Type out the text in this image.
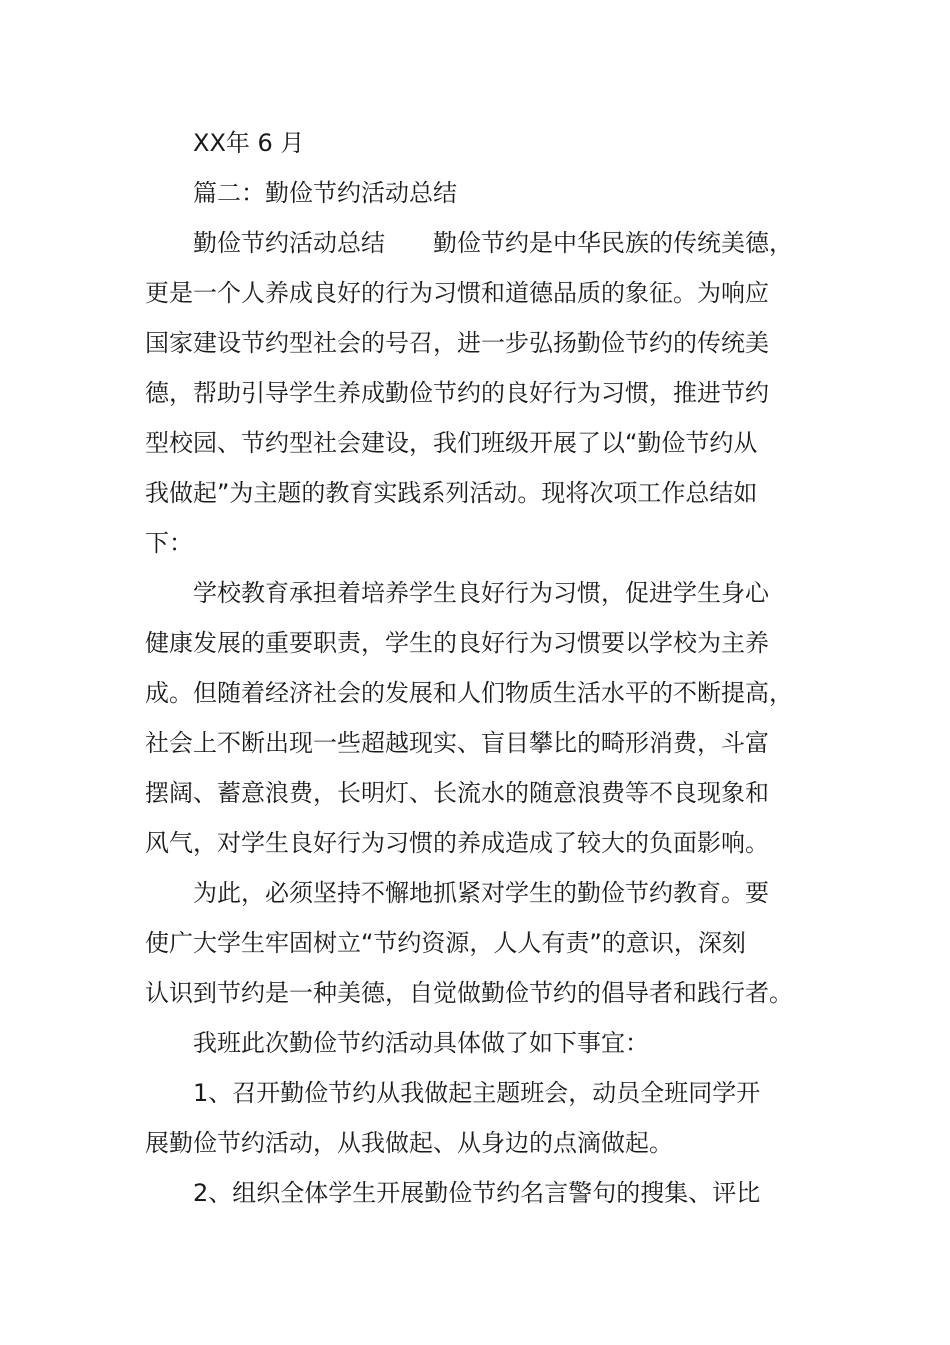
XX年 6 月
篇二：勤俭节约活动总结
勤俭节约活动总结　　勤俭节约是中华民族的传统美德，
更是一个人养成良好的行为习惯和道德品质的象征。为响应
国家建设节约型社会的号召，进一步弘扬勤俭节约的传统美
德，帮助引导学生养成勤俭节约的良好行为习惯，推进节约
型校园、节约型社会建设，我们班级开展了以“勤俭节约从
我做起”为主题的教育实践系列活动。现将次项工作总结如
下：
学校教育承担着培养学生良好行为习惯，促进学生身心
健康发展的重要职责，学生的良好行为习惯要以学校为主养
成。但随着经济社会的发展和人们物质生活水平的不断提高，
社会上不断出现一些超越现实、盲目攀比的畸形消费，斗富
摆阔、蓄意浪费，长明灯、长流水的随意浪费等不良现象和
风气，对学生良好行为习惯的养成造成了较大的负面影响。
为此，必须坚持不懈地抓紧对学生的勤俭节约教育。要
使广大学生牢固树立“节约资源，人人有责”的意识，深刻
认识到节约是一种美德，自觉做勤俭节约的倡导者和践行者。
我班此次勤俭节约活动具体做了如下事宜：
1、召开勤俭节约从我做起主题班会，动员全班同学开
展勤俭节约活动，从我做起、从身边的点滴做起。
2、组织全体学生开展勤俭节约名言警句的搜集、评比
